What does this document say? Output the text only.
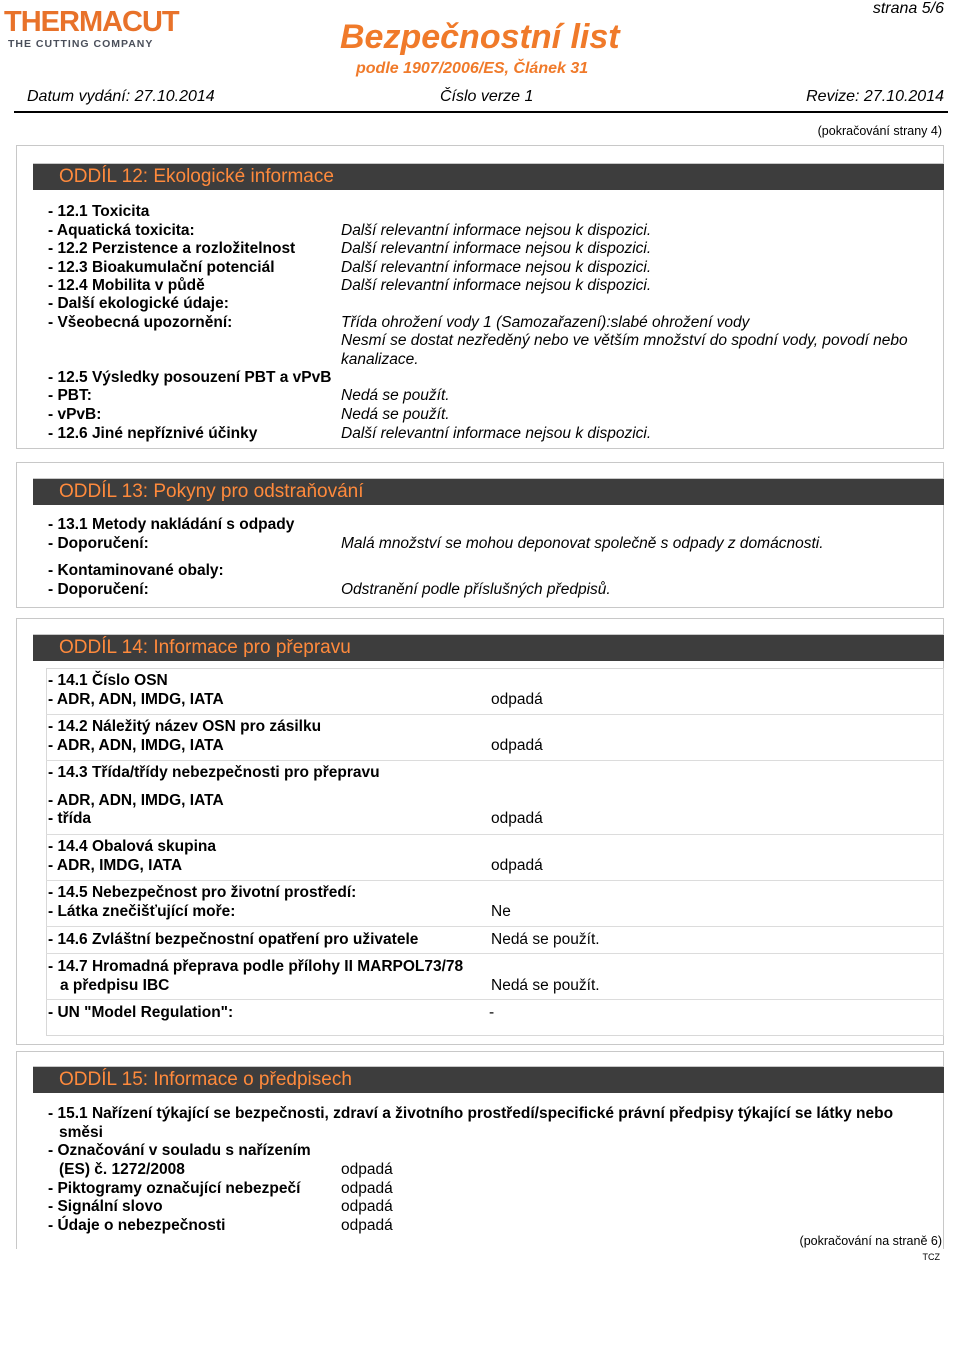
THERMACUT
THE CUTTING COMPANY	Bezpečnostní list
podle 1907/2006/ES, Článek 31
strana 5/6
Datum vydání: 27.10.2014	Číslo verze 1	Revize: 27.10.2014
(pokračování strany 4)
ODDÍL 12: Ekologické informace
- 12.1 Toxicita
- Aquatická toxicita:	Další relevantní informace nejsou k dispozici.
- 12.2 Perzistence a rozložitelnost	Další relevantní informace nejsou k dispozici.
- 12.3 Bioakumulační potenciál	Další relevantní informace nejsou k dispozici.
- 12.4 Mobilita v půdě	Další relevantní informace nejsou k dispozici.
- Další ekologické údaje:
- Všeobecná upozornění:	Třída ohrožení vody 1 (Samozařazení):slabé ohrožení vody
Nesmí se dostat nezředěný nebo ve větším množství do spodní vody, povodí nebo
kanalizace.
- 12.5 Výsledky posouzení PBT a vPvB
- PBT:	Nedá se použít.
- vPvB:	Nedá se použít.
- 12.6 Jiné nepříznivé účinky	Další relevantní informace nejsou k dispozici.
ODDÍL 13: Pokyny pro odstraňování
- 13.1 Metody nakládání s odpady
- Doporučení:	Malá množství se mohou deponovat společně s odpady z domácnosti.
- Kontaminované obaly:
- Doporučení:	Odstranění podle příslušných předpisů.
ODDÍL 14: Informace pro přepravu
- 14.1 Číslo OSN
- ADR, ADN, IMDG, IATA	odpadá
- 14.2 Náležitý název OSN pro zásilku
- ADR, ADN, IMDG, IATA	odpadá
- 14.3 Třída/třídy nebezpečnosti pro přepravu
- ADR, ADN, IMDG, IATA
- třída	odpadá
- 14.4 Obalová skupina
- ADR, IMDG, IATA	odpadá
- 14.5 Nebezpečnost pro životní prostředí:
- Látka znečišťující moře:	Ne
- 14.6 Zvláštní bezpečnostní opatření pro uživatele	Nedá se použít.
- 14.7 Hromadná přeprava podle přílohy II MARPOL73/78
a předpisu IBC	Nedá se použít.
- UN "Model Regulation":	-
ODDÍL 15: Informace o předpisech
- 15.1 Nařízení týkající se bezpečnosti, zdraví a životního prostředí/specifické právní předpisy týkající se látky nebo
směsi
- Označování v souladu s nařízením
(ES) č. 1272/2008	odpadá
- Piktogramy označující nebezpečí	odpadá
- Signální slovo	odpadá
- Údaje o nebezpečnosti	odpadá
(pokračování na straně 6)
TCZ
